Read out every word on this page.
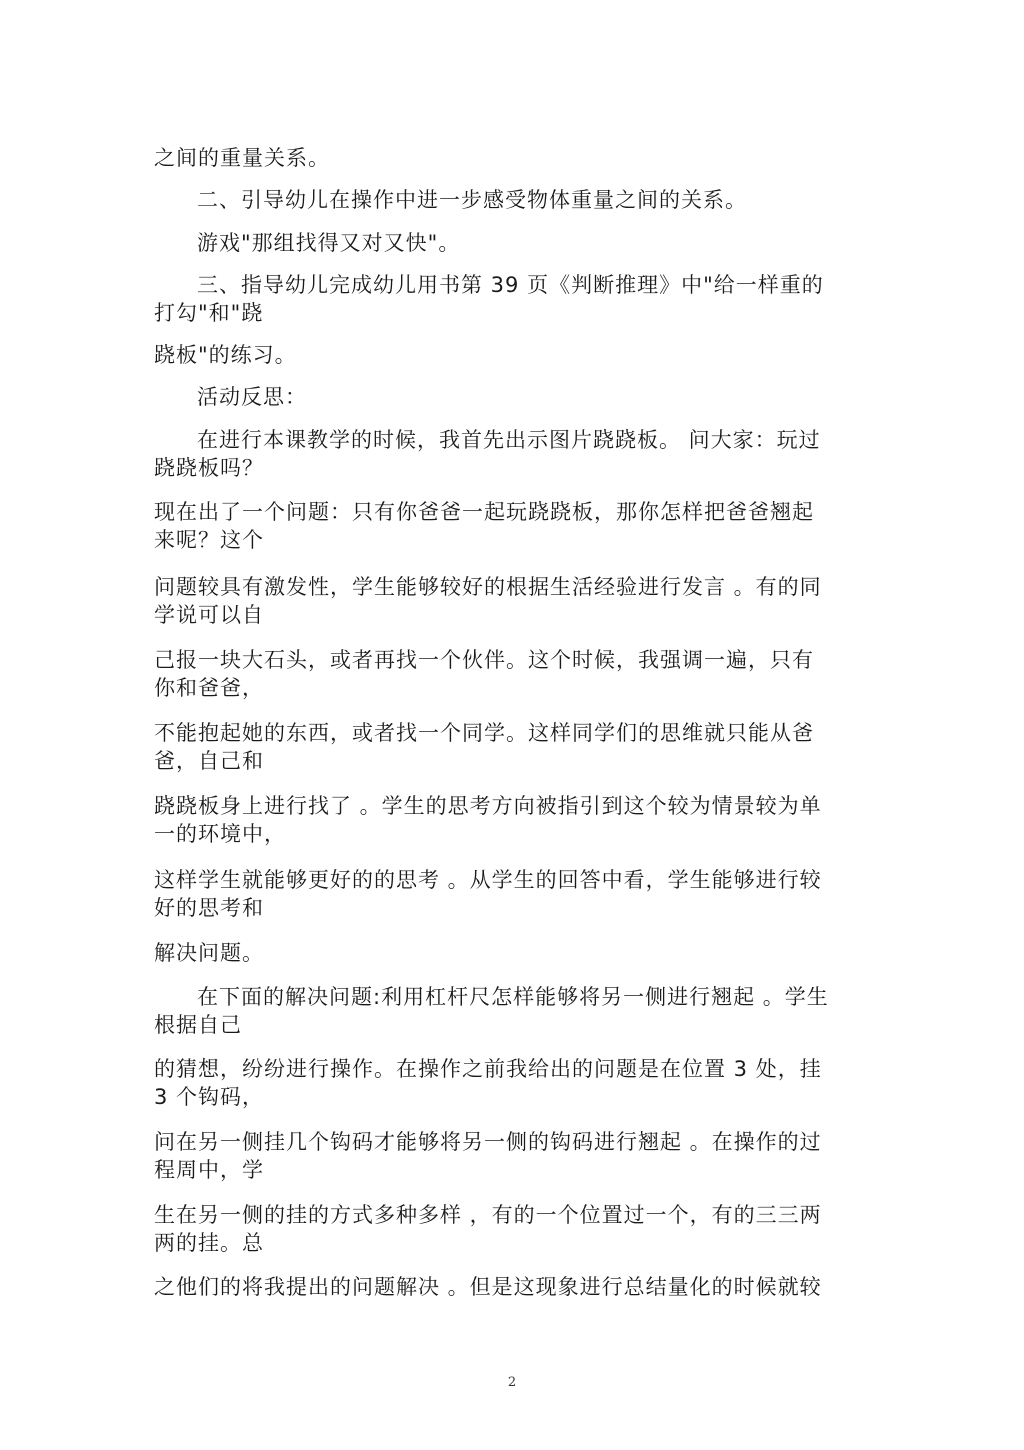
之间的重量关系。
二、引导幼儿在操作中进一步感受物体重量之间的关系。
游戏"那组找得又对又快"。
三、指导幼儿完成幼儿用书第 39 页《判断推理》中"给一样重的
打勾"和"跷
跷板"的练习。
活动反思：
在进行本课教学的时候，我首先出示图片跷跷板。 问大家：玩过
跷跷板吗？
现在出了一个问题：只有你爸爸一起玩跷跷板，那你怎样把爸爸翘起
来呢？这个
问题较具有激发性，学生能够较好的根据生活经验进行发言 。有的同
学说可以自
己报一块大石头，或者再找一个伙伴。这个时候，我强调一遍，只有
你和爸爸，
不能抱起她的东西，或者找一个同学。这样同学们的思维就只能从爸
爸，自己和
跷跷板身上进行找了 。学生的思考方向被指引到这个较为情景较为单
一的环境中，
这样学生就能够更好的的思考 。从学生的回答中看，学生能够进行较
好的思考和
解决问题。
在下面的解决问题:利用杠杆尺怎样能够将另一侧进行翘起 。学生
根据自己
的猜想，纷纷进行操作。在操作之前我给出的问题是在位置 3 处，挂
3 个钩码，
问在另一侧挂几个钩码才能够将另一侧的钩码进行翘起 。在操作的过
程周中，学
生在另一侧的挂的方式多种多样 ，有的一个位置过一个，有的三三两
两的挂。总
之他们的将我提出的问题解决 。但是这现象进行总结量化的时候就较
2
